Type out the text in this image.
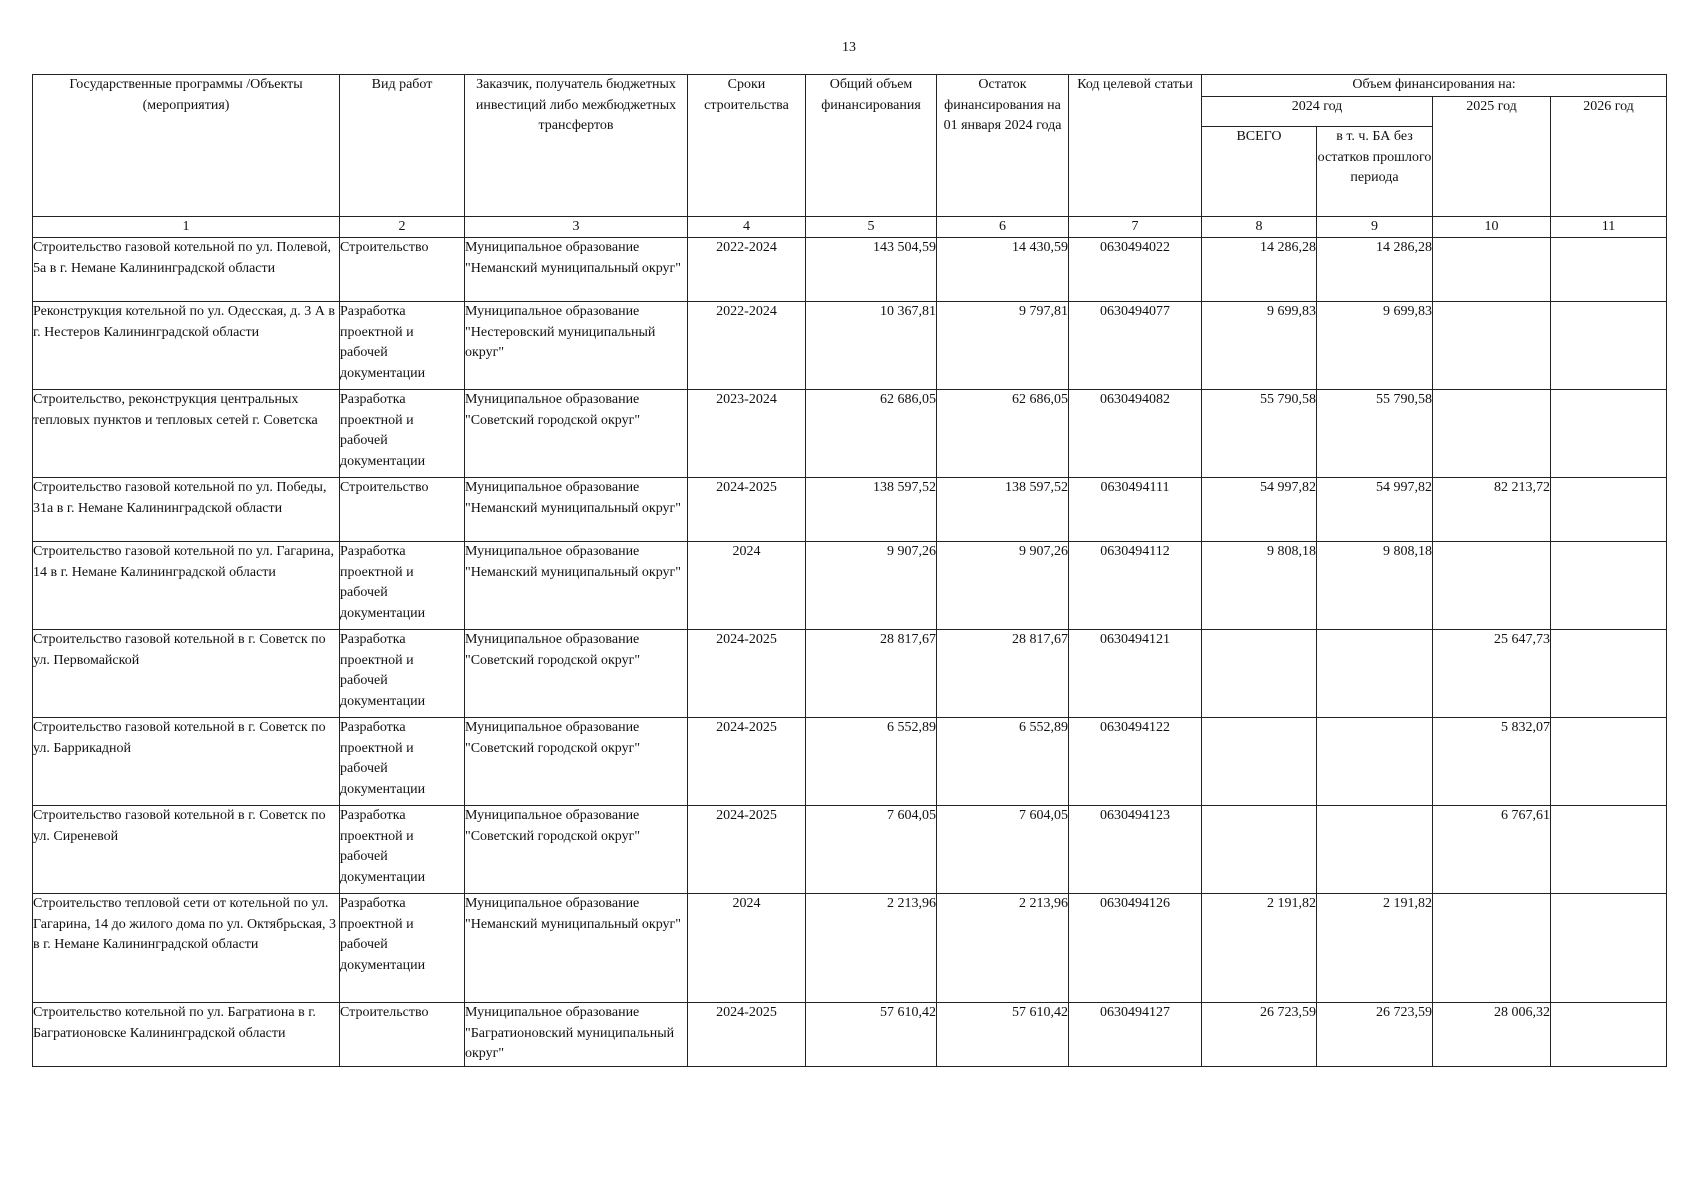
13
Государственные программы /Объекты (мероприятия)	Вид работ	Заказчик, получатель бюджетных инвестиций либо межбюджетных трансфертов	Сроки строительства	Общий объем финансирования	Остаток финансирования на 01 января 2024 года	Код целевой статьи	Объем финансирования на:			
							2024 год		2025 год	2026 год
							ВСЕГО	в т. ч. БА без остатков прошлого периода		
1	2	3	4	5	6	7	8	9	10	11
Строительство газовой котельной по ул. Полевой, 5а в г. Немане Калининградской области	Строительство	Муниципальное образование "Неманский муниципальный округ"	2022-2024	143 504,59	14 430,59	0630494022	14 286,28	14 286,28		
Реконструкция котельной по ул. Одесская, д. 3 А в г. Нестеров Калининградской области	Разработка проектной и рабочей документации	Муниципальное образование "Нестеровский муниципальный округ"	2022-2024	10 367,81	9 797,81	0630494077	9 699,83	9 699,83		
Строительство, реконструкция центральных тепловых пунктов и тепловых сетей г. Советска	Разработка проектной и рабочей документации	Муниципальное образование "Советский городской округ"	2023-2024	62 686,05	62 686,05	0630494082	55 790,58	55 790,58		
Строительство газовой котельной по ул. Победы, 31а в г. Немане Калининградской области	Строительство	Муниципальное образование "Неманский муниципальный округ"	2024-2025	138 597,52	138 597,52	0630494111	54 997,82	54 997,82	82 213,72	
Строительство газовой котельной по ул. Гагарина, 14 в г. Немане Калининградской области	Разработка проектной и рабочей документации	Муниципальное образование "Неманский муниципальный округ"	2024	9 907,26	9 907,26	0630494112	9 808,18	9 808,18		
Строительство газовой котельной в г. Советск по ул. Первомайской	Разработка проектной и рабочей документации	Муниципальное образование "Советский городской округ"	2024-2025	28 817,67	28 817,67	0630494121			25 647,73	
Строительство газовой котельной в г. Советск по ул. Баррикадной	Разработка проектной и рабочей документации	Муниципальное образование "Советский городской округ"	2024-2025	6 552,89	6 552,89	0630494122			5 832,07	
Строительство газовой котельной в г. Советск по ул. Сиреневой	Разработка проектной и рабочей документации	Муниципальное образование "Советский городской округ"	2024-2025	7 604,05	7 604,05	0630494123			6 767,61	
Строительство тепловой сети от котельной по ул. Гагарина, 14 до жилого дома по ул. Октябрьская, 3 в г. Немане Калининградской области	Разработка проектной и рабочей документации	Муниципальное образование "Неманский муниципальный округ"	2024	2 213,96	2 213,96	0630494126	2 191,82	2 191,82		
Строительство котельной по ул. Багратиона в г. Багратионовске Калининградской области	Строительство	Муниципальное образование "Багратионовский муниципальный округ"	2024-2025	57 610,42	57 610,42	0630494127	26 723,59	26 723,59	28 006,32	
